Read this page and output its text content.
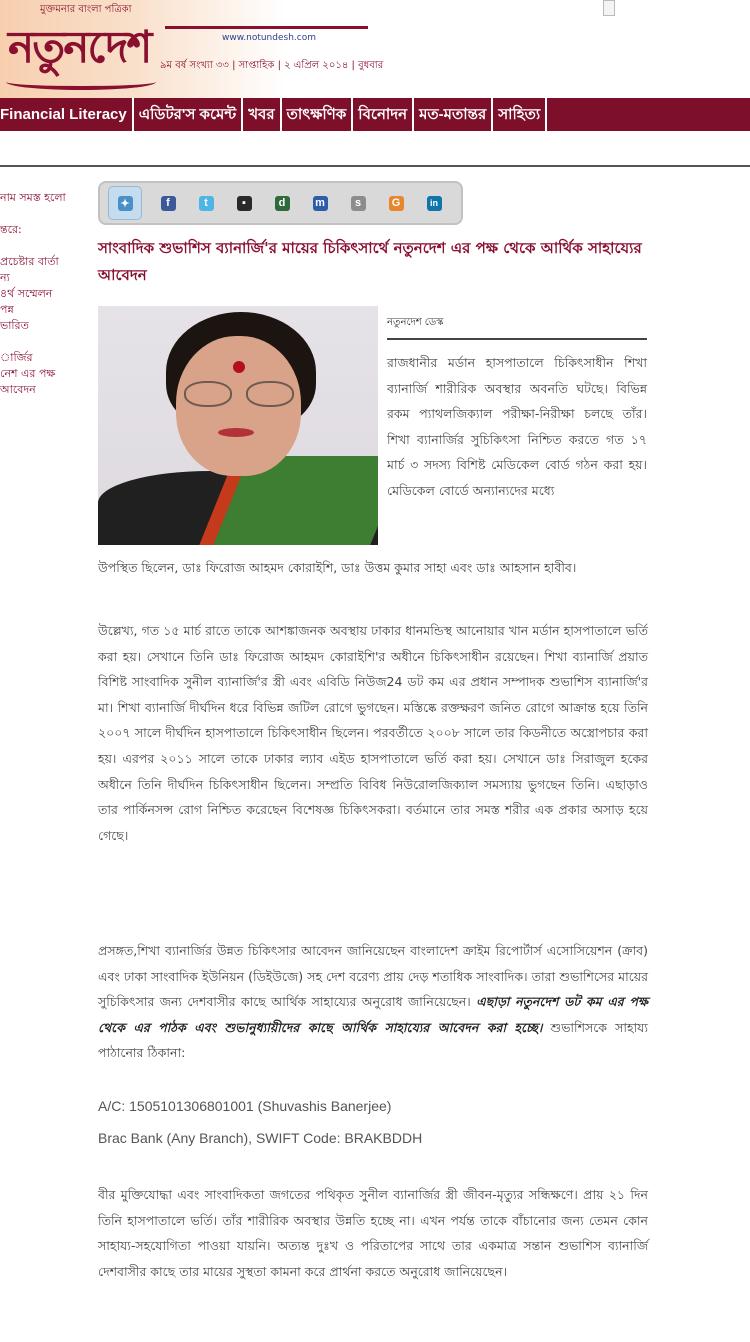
মুক্তমনার বাংলা পত্রিকা
নতুনদেশ	www.notundesh.com
৯ম বর্ষ সংখ্যা ৩৩ | সাপ্তাহিক | ২ এপ্রিল ২০১৪ | বুধবার
Financial Literacy এডিটর'স কমেন্ট খবর তাৎক্ষণিক বিনোদন মত-মতান্তর সাহিত্য
নাম সমস্ত হলো

ন্তরে:

প্রচেষ্টার বার্তা
ন্য
৪র্থ সম্মেলন
পন্ন
ভারিত

ার্জির
নেশ এর পক্ষ
আবেদন
✦	f	t	▪	d	m	s	G	in
সাংবাদিক শুভাশিস ব্যানার্জি'র মায়ের চিকিৎসার্থে নতুনদেশ এর পক্ষ থেকে আর্থিক সাহায্যের আবেদন
নতুনদেশ ডেস্ক

রাজধানীর মর্ডান হাসপাতালে চিকিৎসাধীন শিখা ব্যানার্জি শারীরিক অবস্থার অবনতি ঘটছে। বিভিন্ন রকম প্যাথলজিক্যাল পরীক্ষা-নিরীক্ষা চলছে তাঁর। শিখা ব্যানার্জির সুচিকিৎসা নিশ্চিত করতে গত ১৭ মার্চ ৩ সদস্য বিশিষ্ট মেডিকেল বোর্ড গঠন করা হয়। মেডিকেল বোর্ডে অন্যান্যদের মধ্যে

উপস্থিত ছিলেন, ডাঃ ফিরোজ আহমদ কোরাইশি, ডাঃ উত্তম কুমার সাহা এবং ডাঃ আহসান হাবীব।

উল্লেখ্য, গত ১৫ মার্চ রাতে তাকে আশঙ্কাজনক অবস্থায় ঢাকার ধানমন্ডিস্থ আনোয়ার খান মর্ডান হাসপাতালে ভর্তি করা হয়। সেখানে তিনি ডাঃ ফিরোজ আহমদ কোরাইশি'র অধীনে চিকিৎসাধীন রয়েছেন। শিখা ব্যানার্জি প্রয়াত বিশিষ্ট সাংবাদিক সুনীল ব্যানার্জি'র স্ত্রী এবং এবিডি নিউজ24 ডট কম এর প্রধান সম্পাদক শুভাশিস ব্যানার্জি'র মা। শিখা ব্যানার্জি দীর্ঘদিন ধরে বিভিন্ন জটিল রোগে ভুগছেন। মস্তিষ্কে রক্তক্ষরণ জনিত রোগে আক্রান্ত হয়ে তিনি ২০০৭ সালে দীর্ঘদিন হাসপাতালে চিকিৎসাধীন ছিলেন। পরবর্তীতে ২০০৮ সালে তার কিডনীতে অস্ত্রোপচার করা হয়। এরপর ২০১১ সালে তাকে ঢাকার ল্যাব এইড হাসপাতালে ভর্তি করা হয়। সেখানে ডাঃ সিরাজুল হকের অধীনে তিনি দীর্ঘদিন চিকিৎসাধীন ছিলেন। সম্প্রতি বিবিধ নিউরোলজিক্যাল সমস্যায় ভুগছেন তিনি। এছাড়াও তার পার্কিনসন্স রোগ নিশ্চিত করেছেন বিশেষজ্ঞ চিকিৎসকরা। বর্তমানে তার সমস্ত শরীর এক প্রকার অসাড় হয়ে গেছে।

প্রসঙ্গত,শিখা ব্যানার্জির উন্নত চিকিৎসার আবেদন জানিয়েছেন বাংলাদেশ ক্রাইম রিপোর্টার্স এসোসিয়েশন (ক্রাব) এবং ঢাকা সাংবাদিক ইউনিয়ন (ডিইউজে) সহ দেশ বরেণ্য প্রায় দেড় শতাধিক সাংবাদিক। তারা শুভাশিসের মায়ের সুচিকিৎসার জন্য দেশবাসীর কাছে আর্থিক সাহায্যের অনুরোধ জানিয়েছেন। এছাড়া নতুনদেশ ডট কম এর পক্ষ থেকে এর পাঠক এবং শুভানুধ্যায়ীদের কাছে আর্থিক সাহায্যের আবেদন করা হচ্ছে। শুভাশিসকে সাহায্য পাঠানোর ঠিকানা:

A/C: 1505101306801001 (Shuvashis Banerjee)
Brac Bank (Any Branch), SWIFT Code: BRAKBDDH

বীর মুক্তিযোদ্ধা এবং সাংবাদিকতা জগতের পথিকৃত সুনীল ব্যানার্জির স্ত্রী জীবন-মৃত্যুর সন্ধিক্ষণে। প্রায় ২১ দিন তিনি হাসপাতালে ভর্তি। তাঁর শারীরিক অবস্থার উন্নতি হচ্ছে না। এখন পর্যন্ত তাকে বাঁচানোর জন্য তেমন কোন সাহায্য-সহযোগিতা পাওয়া যায়নি। অত্যন্ত দুঃখ ও পরিতাপের সাথে তার একমাত্র সন্তান শুভাশিস ব্যানার্জি দেশবাসীর কাছে তার মায়ের সুস্থতা কামনা করে প্রার্থনা করতে অনুরোধ জানিয়েছেন।
